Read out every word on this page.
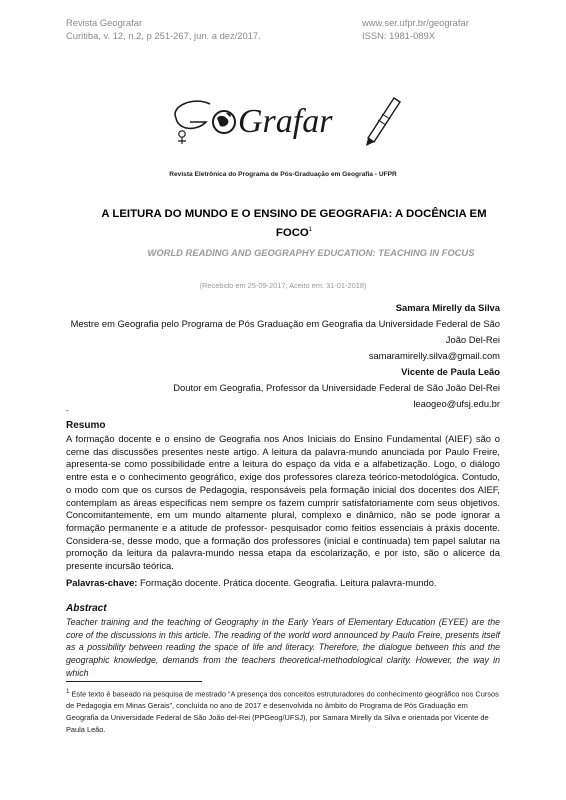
Revista Geografar
Curitiba, v. 12, n.2, p 251-267, jun. a dez/2017.
www.ser.ufpr.br/geografar
ISSN: 1981-089X
Grafar
Revista Eletrônica do Programa de Pós-Graduação em Geografia - UFPR
A LEITURA DO MUNDO E O ENSINO DE GEOGRAFIA: A DOCÊNCIA EM FOCO$^1$
WORLD READING AND GEOGRAPHY EDUCATION: TEACHING IN FOCUS
(Recebido em 25-09-2017; Aceito em: 31-01-2018)
Samara Mirelly da Silva
Mestre em Geografia pelo Programa de Pós Graduação em Geografia da Universidade Federal de São João Del-Rei
samaramirelly.silva@gmail.com
Vicente de Paula Leão
Doutor em Geografia, Professor da Universidade Federal de São João Del-Rei
leaogeo@ufsj.edu.br
-
Resumo
A formação docente e o ensino de Geografia nos Anos Iniciais do Ensino Fundamental (AIEF) são o cerne das discussões presentes neste artigo. A leitura da palavra-mundo anunciada por Paulo Freire, apresenta-se como possibilidade entre a leitura do espaço da vida e a alfabetização. Logo, o diálogo entre esta e o conhecimento geográfico, exige dos professores clareza teórico-metodológica. Contudo, o modo com que os cursos de Pedagogia, responsáveis pela formação inicial dos docentes dos AIEF, contemplam as áreas específicas nem sempre os fazem cumprir satisfatoriamente com seus objetivos. Concomitantemente, em um mundo altamente plural, complexo e dinâmico, não se pode ignorar a formação permanente e a atitude de professor- pesquisador como feitios essenciais à práxis docente. Considera-se, desse modo, que a formação dos professores (inicial e continuada) tem papel salutar na promoção da leitura da palavra-mundo nessa etapa da escolarização, e por isto, são o alicerce da presente incursão teórica.
Palavras-chave: Formação docente. Prática docente. Geografia. Leitura palavra-mundo.
Abstract
Teacher training and the teaching of Geography in the Early Years of Elementary Education (EYEE) are the core of the discussions in this article. The reading of the world word announced by Paulo Freire, presents itself as a possibility between reading the space of life and literacy. Therefore, the dialogue between this and the geographic knowledge, demands from the teachers theoretical-methodological clarity. However, the way in which
$^1$ Este texto é baseado na pesquisa de mestrado “A presença dos conceitos estruturadores do conhecimento geográfico nos Cursos de Pedagogia em Minas Gerais”, concluída no ano de 2017 e desenvolvida no âmbito do Programa de Pós Graduação em Geografia da Universidade Federal de São João del-Rei (PPGeog/UFSJ), por Samara Mirelly da Silva e orientada por Vicente de Paula Leão.
